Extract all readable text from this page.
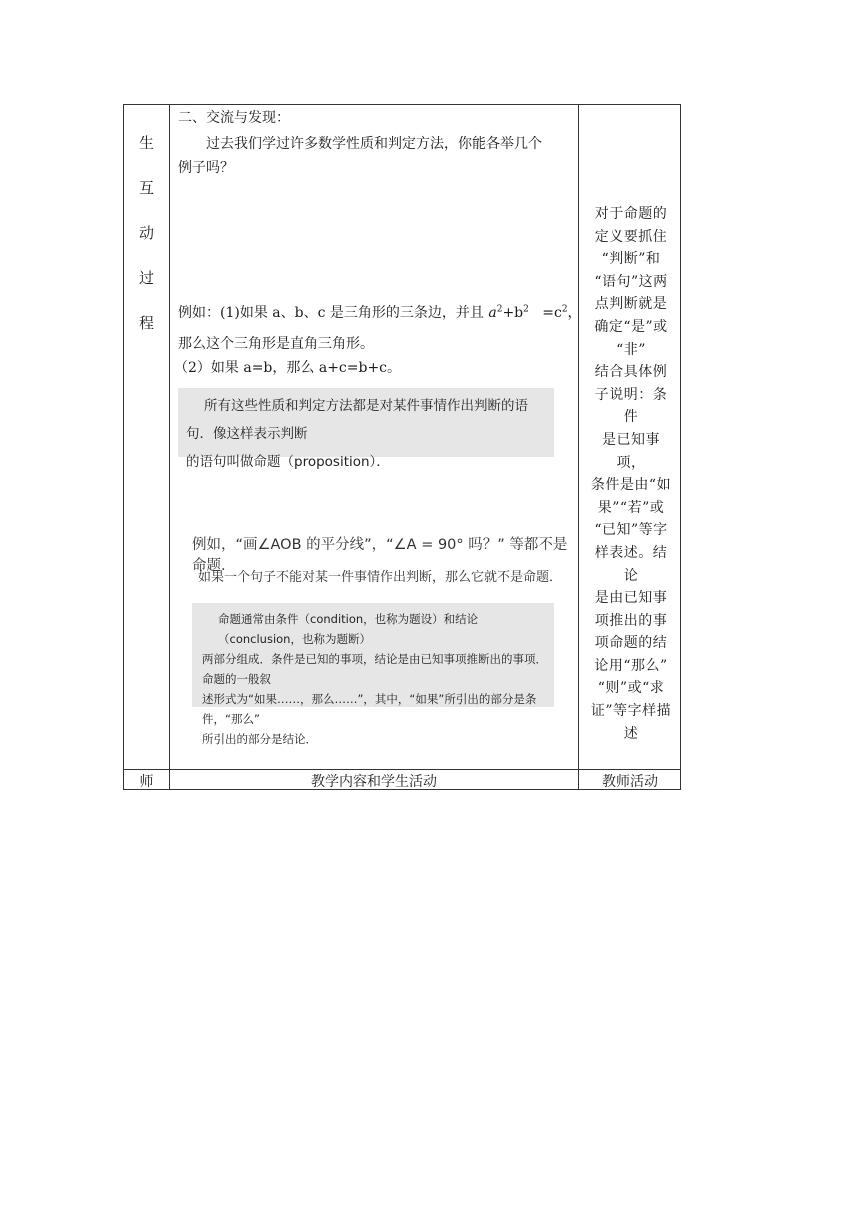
生
互
动
过
程
二、交流与发现：
过去我们学过许多数学性质和判定方法，你能各举几个
例子吗？
例如：(1)如果 a、b、c 是三角形的三条边，并且 $a^2+b^2 =c^2$，
那么这个三角形是直角三角形。
（2）如果 a=b，那么 a+c=b+c。
所有这些性质和判定方法都是对某件事情作出判断的语句．像这样表示判断
的语句叫做命题（proposition）．
例如，“画∠AOB 的平分线”，“∠A = 90° 吗？” 等都不是命题．
如果一个句子不能对某一件事情作出判断，那么它就不是命题．
命题通常由条件（condition，也称为题设）和结论（conclusion，也称为题断）
两部分组成．条件是已知的事项，结论是由已知事项推断出的事项．命题的一般叙
述形式为“如果……，那么……”，其中，“如果”所引出的部分是条件，“那么”
所引出的部分是结论．
对于命题的
定义要抓住
“判断”和
“语句”这两
点判断就是
确定“是”或
“非”
结合具体例
子说明：条件
是已知事项，
条件是由“如
果”“若”或
“已知”等字
样表述。结论
是由已知事
项推出的事
项命题的结
论用“那么”
“则”或“求
证”等字样描
述
师	教学内容和学生活动	教师活动
